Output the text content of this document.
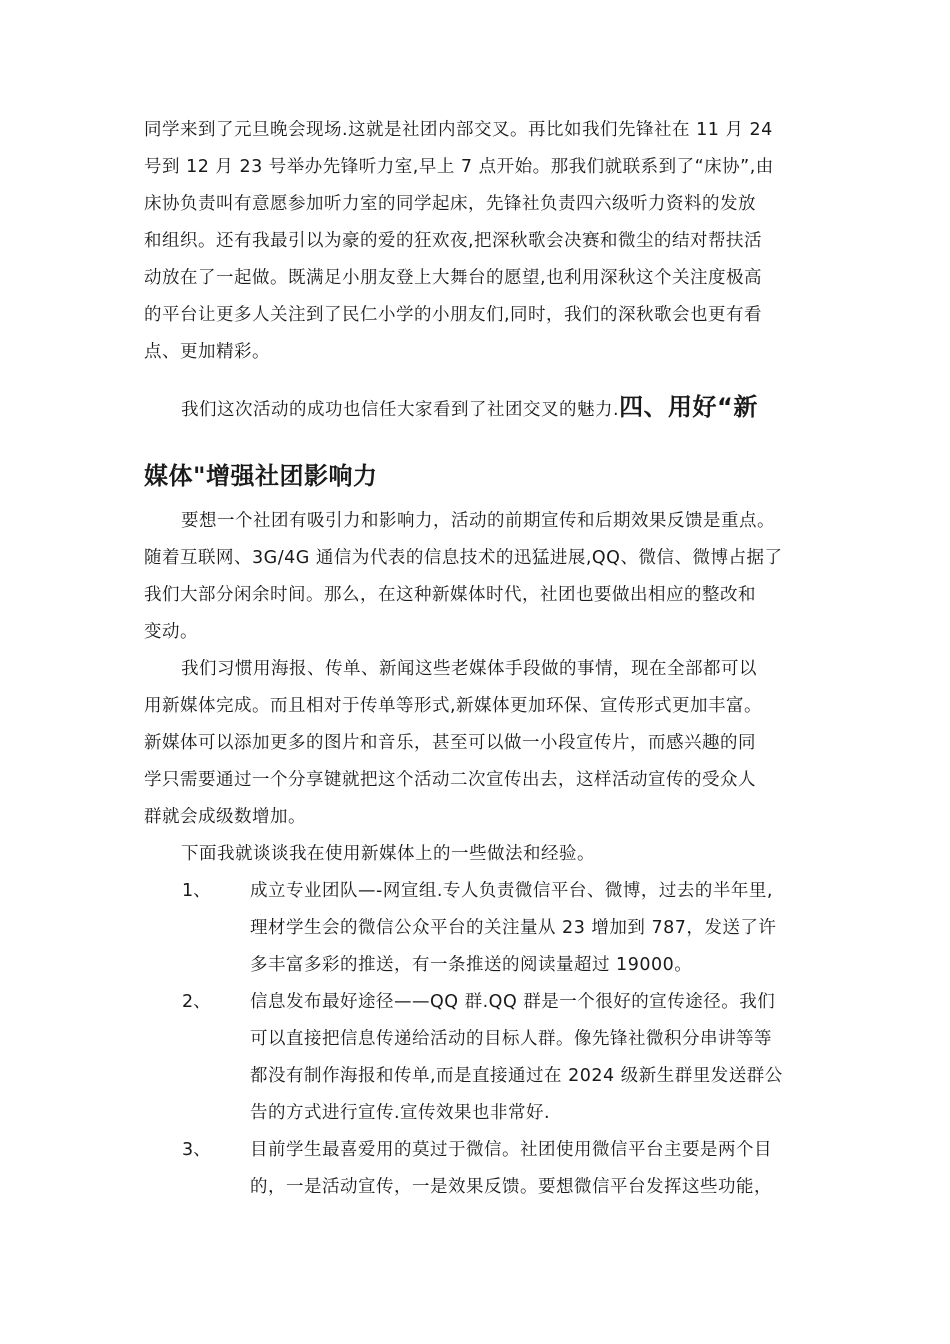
同学来到了元旦晚会现场.这就是社团内部交叉。再比如我们先锋社在 11 月 24
号到 12 月 23 号举办先锋听力室,早上 7 点开始。那我们就联系到了“床协”,由
床协负责叫有意愿参加听力室的同学起床，先锋社负责四六级听力资料的发放
和组织。还有我最引以为豪的爱的狂欢夜,把深秋歌会决赛和微尘的结对帮扶活
动放在了一起做。既满足小朋友登上大舞台的愿望,也利用深秋这个关注度极高
的平台让更多人关注到了民仁小学的小朋友们,同时，我们的深秋歌会也更有看
点、更加精彩。
我们这次活动的成功也信任大家看到了社团交叉的魅力.四、用好“新
媒体"增强社团影响力
要想一个社团有吸引力和影响力，活动的前期宣传和后期效果反馈是重点。
随着互联网、3G/4G 通信为代表的信息技术的迅猛进展,QQ、微信、微博占据了
我们大部分闲余时间。那么，在这种新媒体时代，社团也要做出相应的整改和
变动。
我们习惯用海报、传单、新闻这些老媒体手段做的事情，现在全部都可以
用新媒体完成。而且相对于传单等形式,新媒体更加环保、宣传形式更加丰富。
新媒体可以添加更多的图片和音乐，甚至可以做一小段宣传片，而感兴趣的同
学只需要通过一个分享键就把这个活动二次宣传出去，这样活动宣传的受众人
群就会成级数增加。
下面我就谈谈我在使用新媒体上的一些做法和经验。
1、 成立专业团队—-网宣组.专人负责微信平台、微博，过去的半年里,
理材学生会的微信公众平台的关注量从 23 增加到 787，发送了许
多丰富多彩的推送，有一条推送的阅读量超过 19000。
2、 信息发布最好途径——QQ 群.QQ 群是一个很好的宣传途径。我们
可以直接把信息传递给活动的目标人群。像先锋社微积分串讲等等
都没有制作海报和传单,而是直接通过在 2024 级新生群里发送群公
告的方式进行宣传.宣传效果也非常好.
3、 目前学生最喜爱用的莫过于微信。社团使用微信平台主要是两个目
的，一是活动宣传，一是效果反馈。要想微信平台发挥这些功能，
